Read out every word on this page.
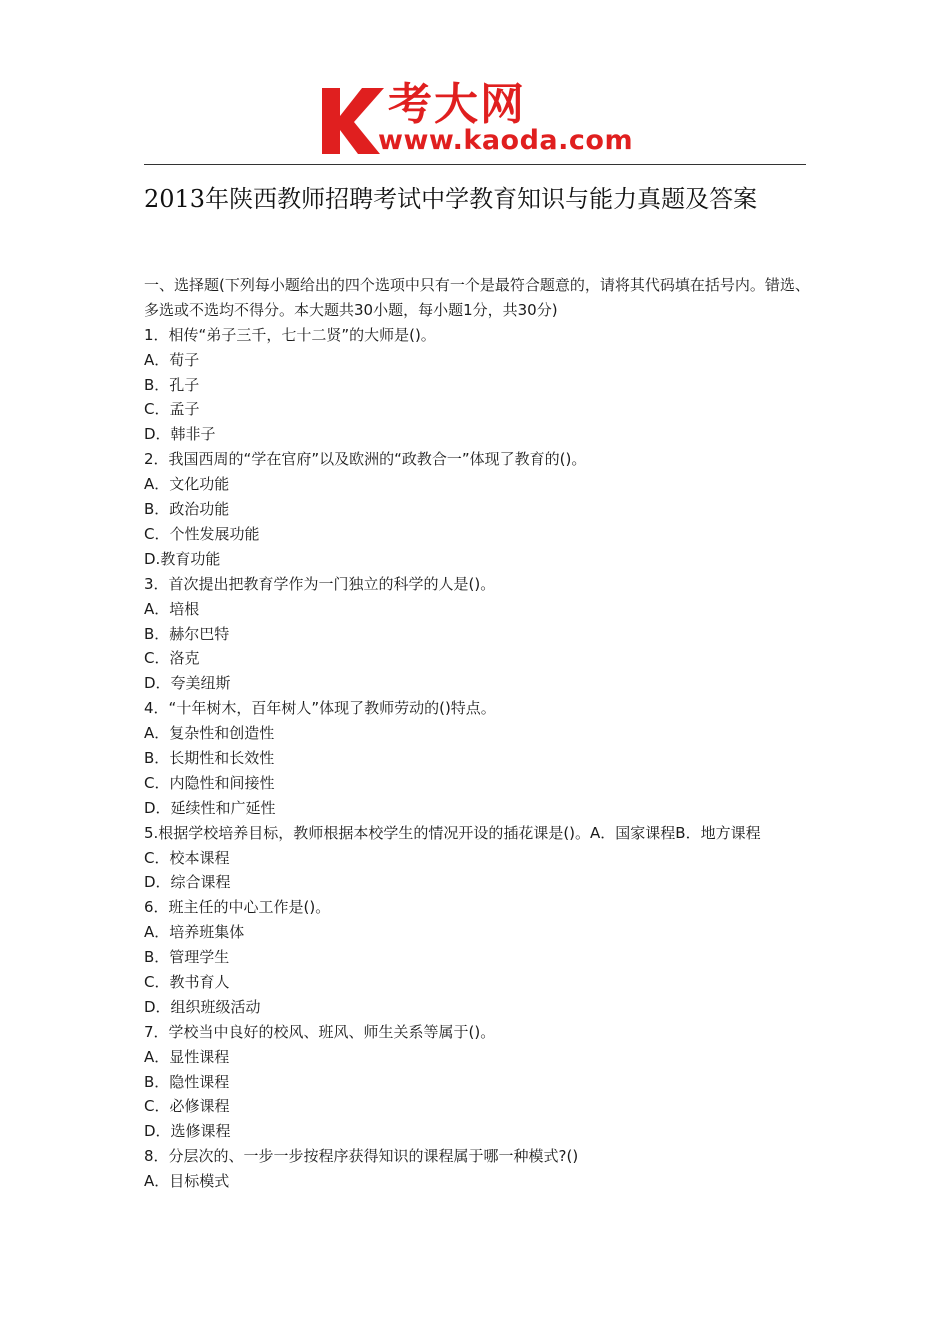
考大网
www.kaoda.com
2013年陕西教师招聘考试中学教育知识与能力真题及答案
一、选择题(下列每小题给出的四个选项中只有一个是最符合题意的，请将其代码填在括号内。错选、多选或不选均不得分。本大题共30小题，每小题1分，共30分)
1．相传“弟子三千，七十二贤”的大师是()。
A．荀子
B．孔子
C．孟子
D．韩非子
2．我国西周的“学在官府”以及欧洲的“政教合一”体现了教育的()。
A．文化功能
B．政治功能
C．个性发展功能
D.教育功能
3．首次提出把教育学作为一门独立的科学的人是()。
A．培根
B．赫尔巴特
C．洛克
D．夸美纽斯
4．“十年树木，百年树人”体现了教师劳动的()特点。
A．复杂性和创造性
B．长期性和长效性
C．内隐性和间接性
D．延续性和广延性
5.根据学校培养目标，教师根据本校学生的情况开设的插花课是()。A．国家课程B．地方课程
C．校本课程
D．综合课程
6．班主任的中心工作是()。
A．培养班集体
B．管理学生
C．教书育人
D．组织班级活动
7．学校当中良好的校风、班风、师生关系等属于()。
A．显性课程
B．隐性课程
C．必修课程
D．选修课程
8．分层次的、一步一步按程序获得知识的课程属于哪一种模式?()
A．目标模式
